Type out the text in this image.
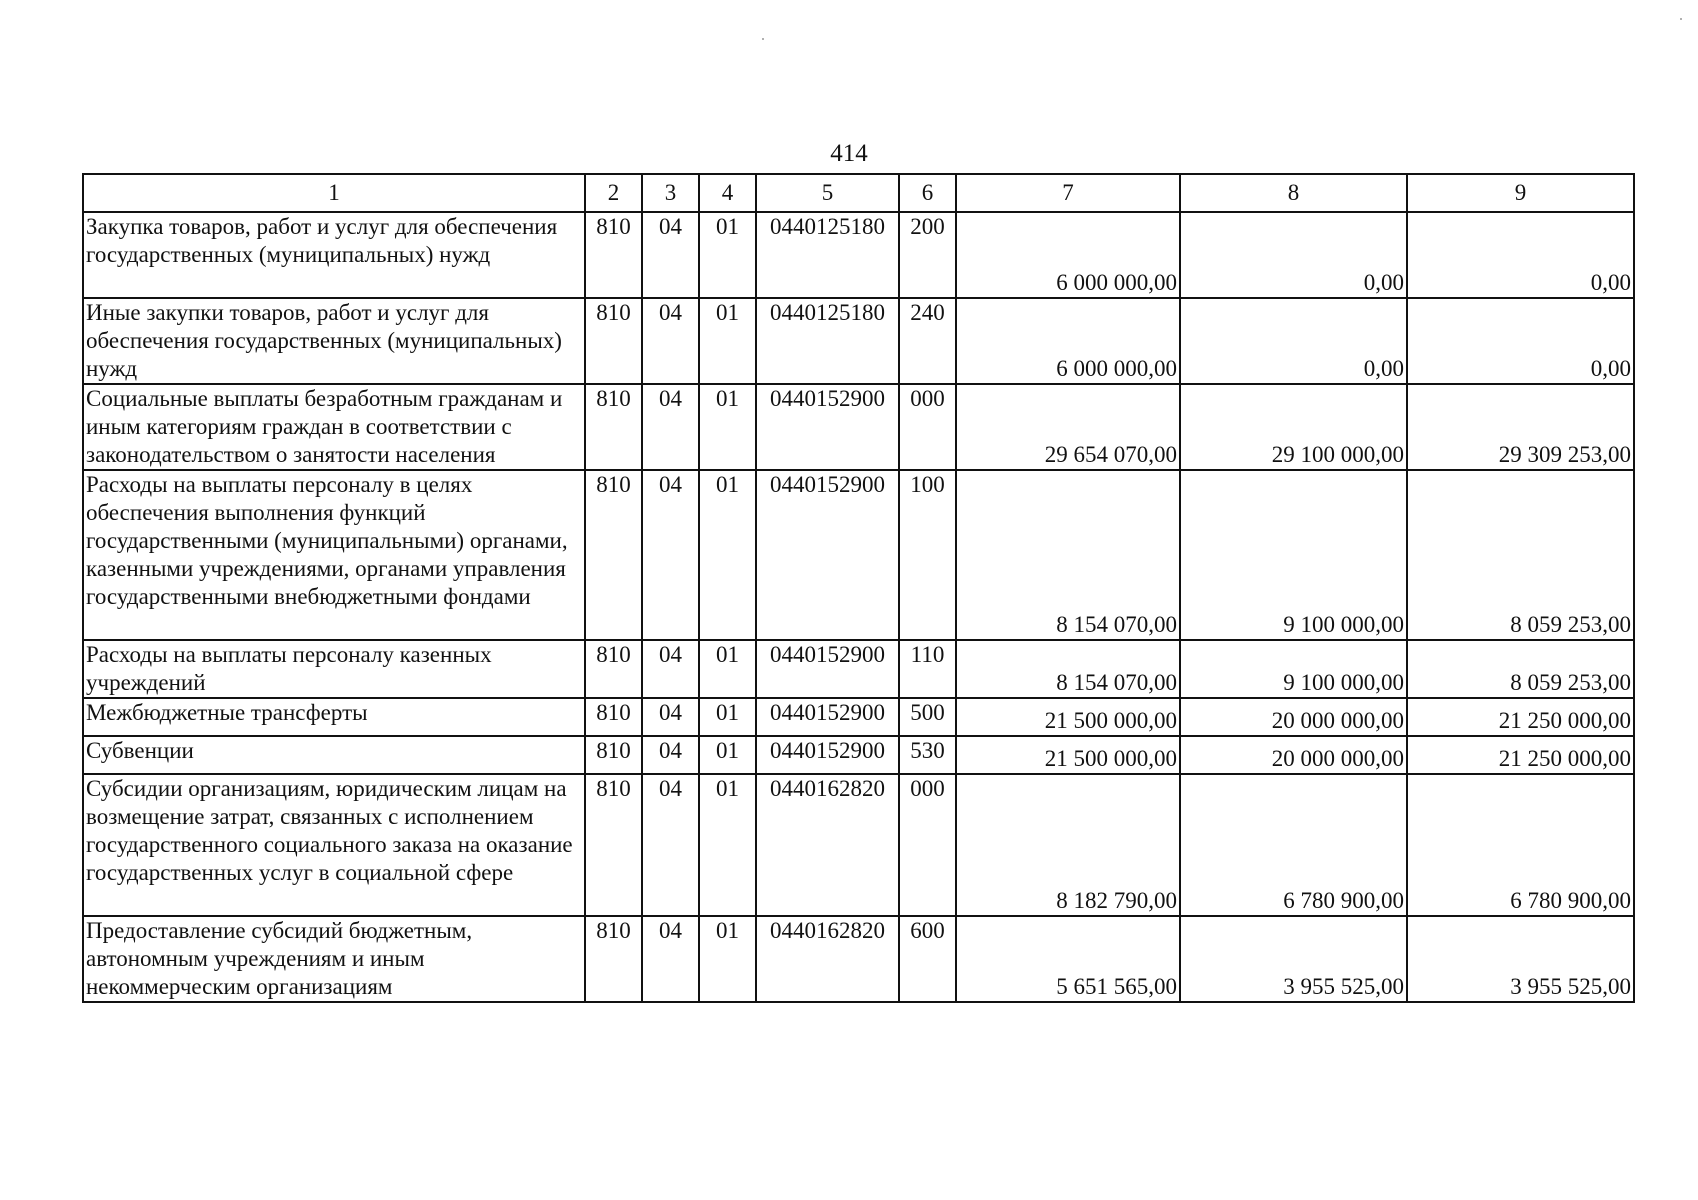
414
1	2	3	4	5	6	7	8	9
Закупка товаров, работ и услуг для обеспечения государственных (муниципальных) нужд	810	04	01	0440125180	200	6 000 000,00	0,00	0,00
Иные закупки товаров, работ и услуг для обеспечения государственных (муниципальных) нужд	810	04	01	0440125180	240	6 000 000,00	0,00	0,00
Социальные выплаты безработным гражданам и иным категориям граждан в соответствии с законодательством о занятости населения	810	04	01	0440152900	000	29 654 070,00	29 100 000,00	29 309 253,00
Расходы на выплаты персоналу в целях обеспечения выполнения функций государственными (муниципальными) органами, казенными учреждениями, органами управления государственными внебюджетными фондами	810	04	01	0440152900	100	8 154 070,00	9 100 000,00	8 059 253,00
Расходы на выплаты персоналу казенных учреждений	810	04	01	0440152900	110	8 154 070,00	9 100 000,00	8 059 253,00
Межбюджетные трансферты	810	04	01	0440152900	500	21 500 000,00	20 000 000,00	21 250 000,00
Субвенции	810	04	01	0440152900	530	21 500 000,00	20 000 000,00	21 250 000,00
Субсидии организациям, юридическим лицам на возмещение затрат, связанных с исполнением государственного социального заказа на оказание государственных услуг в социальной сфере	810	04	01	0440162820	000	8 182 790,00	6 780 900,00	6 780 900,00
Предоставление субсидий бюджетным, автономным учреждениям и иным некоммерческим организациям	810	04	01	0440162820	600	5 651 565,00	3 955 525,00	3 955 525,00
